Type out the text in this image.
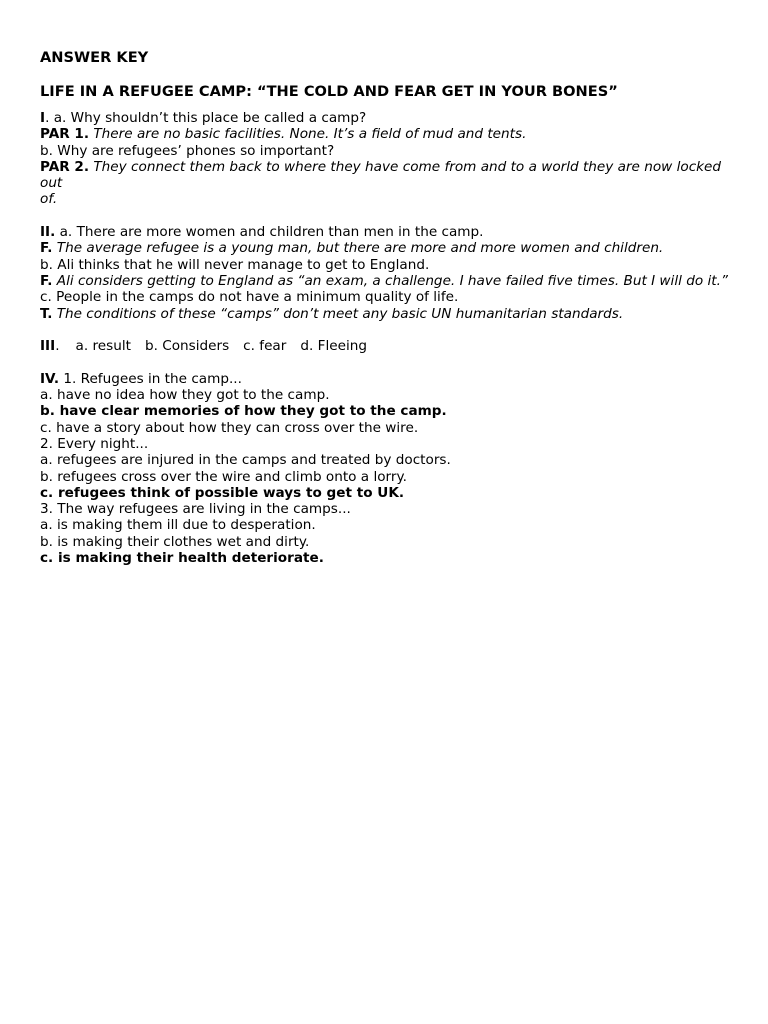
ANSWER KEY
LIFE IN A REFUGEE CAMP: “THE COLD AND FEAR GET IN YOUR BONES”
I. a. Why shouldn’t this place be called a camp?
PAR 1. There are no basic facilities. None. It’s a field of mud and tents.
b. Why are refugees’ phones so important?
PAR 2. They connect them back to where they have come from and to a world they are now locked out
of.
II. a. There are more women and children than men in the camp.
F. The average refugee is a young man, but there are more and more women and children.
b. Ali thinks that he will never manage to get to England.
F. Ali considers getting to England as “an exam, a challenge. I have failed five times. But I will do it.”
c. People in the camps do not have a minimum quality of life.
T. The conditions of these “camps” don’t meet any basic UN humanitarian standards.
III. a. result b. Considers c. fear d. Fleeing
IV. 1. Refugees in the camp...
a. have no idea how they got to the camp.
b. have clear memories of how they got to the camp.
c. have a story about how they can cross over the wire.
2. Every night...
a. refugees are injured in the camps and treated by doctors.
b. refugees cross over the wire and climb onto a lorry.
c. refugees think of possible ways to get to UK.
3. The way refugees are living in the camps...
a. is making them ill due to desperation.
b. is making their clothes wet and dirty.
c. is making their health deteriorate.
